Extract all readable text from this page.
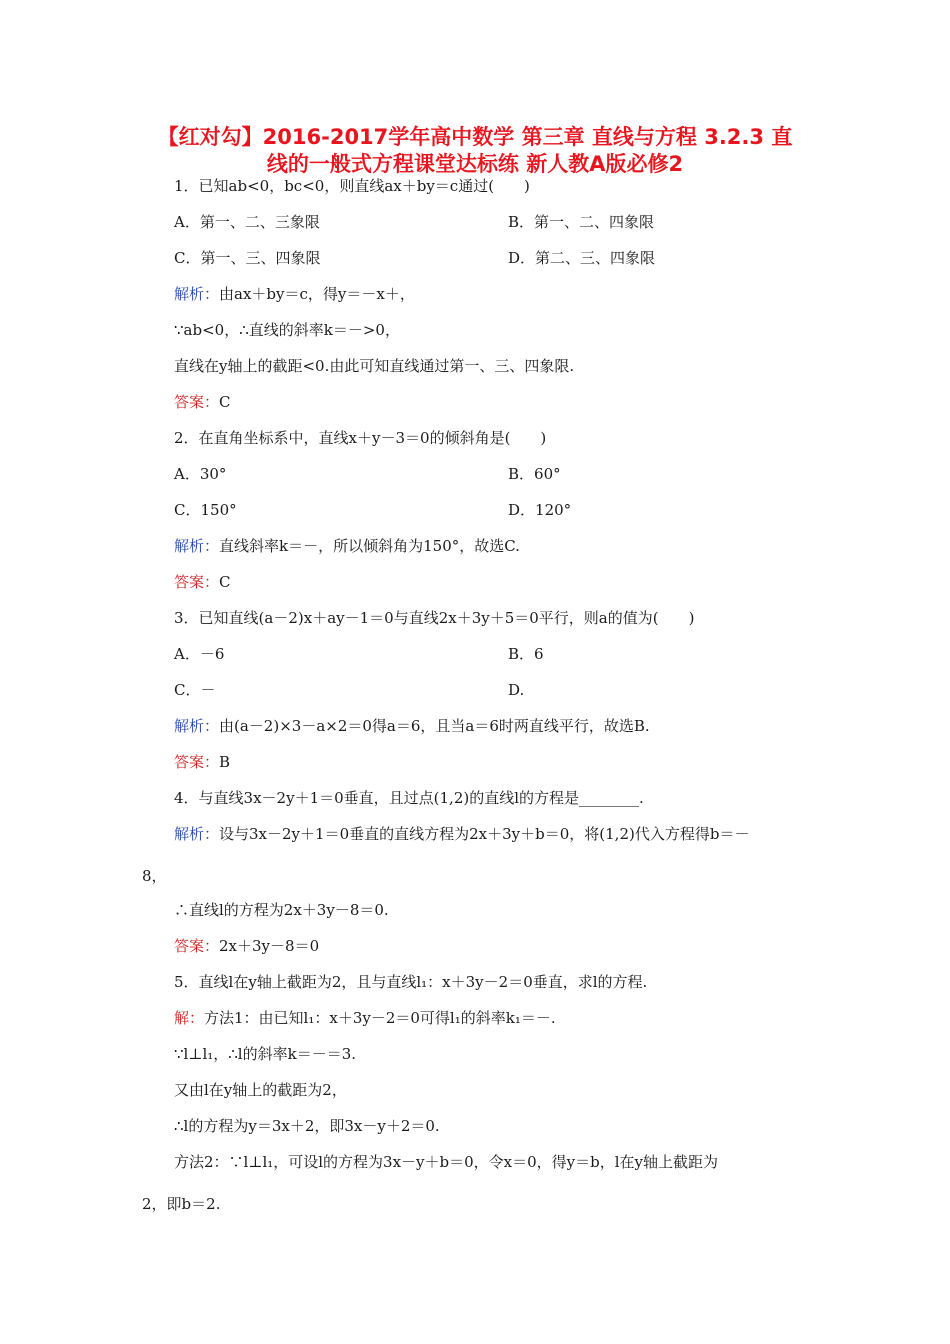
【红对勾】2016-2017学年高中数学 第三章 直线与方程 3.2.3 直
线的一般式方程课堂达标练 新人教A版必修2
1．已知ab<0，bc<0，则直线ax＋by＝c通过(　　)
A．第一、二、三象限	B．第一、二、四象限
C．第一、三、四象限	D．第二、三、四象限
解析：由ax＋by＝c，得y＝－x＋，
∵ab<0，∴直线的斜率k＝－>0，
直线在y轴上的截距<0.由此可知直线通过第一、三、四象限.
答案：C
2．在直角坐标系中，直线x＋y－3＝0的倾斜角是(　　)
A．30°	B．60°
C．150°	D．120°
解析：直线斜率k＝－，所以倾斜角为150°，故选C.
答案：C
3．已知直线(a－2)x＋ay－1＝0与直线2x＋3y＋5＝0平行，则a的值为(　　)
A．－6	B．6
C．－	D.
解析：由(a－2)×3－a×2＝0得a＝6，且当a＝6时两直线平行，故选B.
答案：B
4．与直线3x－2y＋1＝0垂直，且过点(1,2)的直线l的方程是________.
解析：设与3x－2y＋1＝0垂直的直线方程为2x＋3y＋b＝0，将(1,2)代入方程得b＝－
8，
∴直线l的方程为2x＋3y－8＝0.
答案：2x＋3y－8＝0
5．直线l在y轴上截距为2，且与直线l₁：x＋3y－2＝0垂直，求l的方程.
解：方法1：由已知l₁：x＋3y－2＝0可得l₁的斜率k₁＝－.
∵l⊥l₁，∴l的斜率k＝－＝3.
又由l在y轴上的截距为2，
∴l的方程为y＝3x＋2，即3x－y＋2＝0.
方法2：∵l⊥l₁，可设l的方程为3x－y＋b＝0，令x＝0，得y＝b，l在y轴上截距为
2，即b＝2.
